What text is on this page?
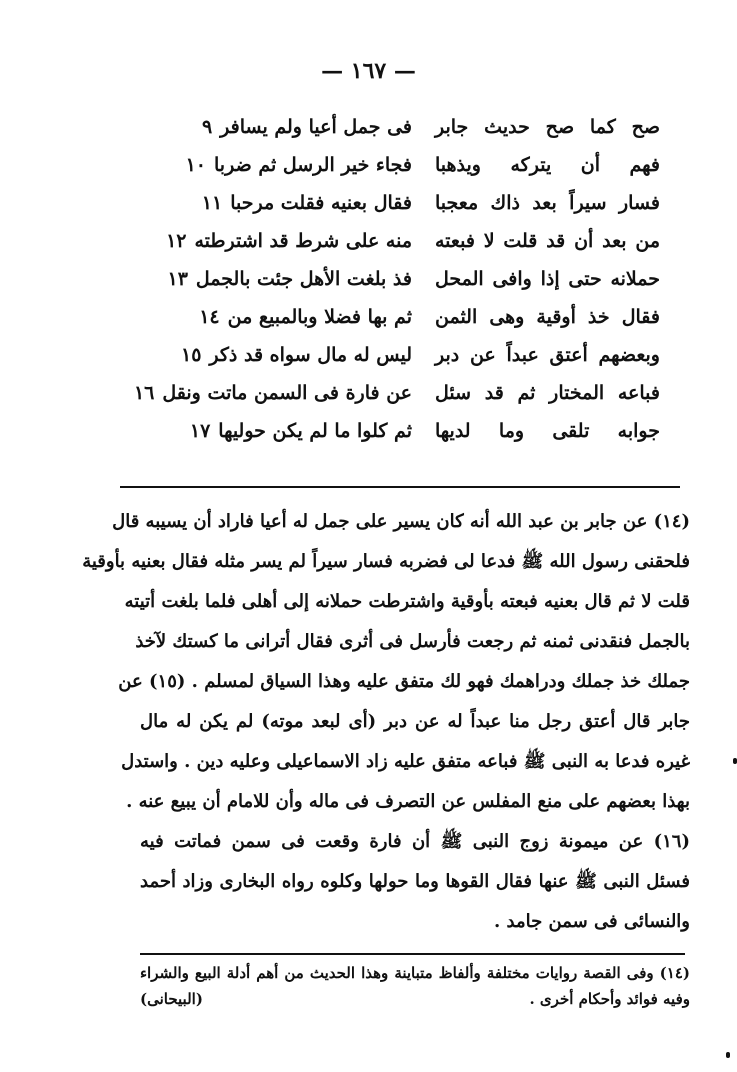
— ١٦٧ —
صح كما صح حديث جابر
فى جمل أعيا ولم يسافر٩
فهم أن يتركه ويذهبا
فجاء خير الرسل ثم ضربا١٠
فسار سيراً بعد ذاك معجبا
فقال بعنيه فقلت مرحبا١١
من بعد أن قد قلت لا فبعته
منه على شرط قد اشترطته١٢
حملانه حتى إذا وافى المحل
فذ بلغت الأهل جئت بالجمل١٣
فقال خذ أوقية وهى الثمن
ثم بها فضلا وبالمبيع من١٤
وبعضهم أعتق عبداً عن دبر
ليس له مال سواه قد ذكر١٥
فباعه المختار ثم قد سئل
عن فارة فى السمن ماتت ونقل١٦
جوابه تلقى وما لديها
ثم كلوا ما لم يكن حوليها١٧
(١٤) عن جابر بن عبد الله أنه كان يسير على جمل له أعيا فاراد أن يسيبه قال
فلحقنى رسول الله ﷺ فدعا لى فضربه فسار سيراً لم يسر مثله فقال بعنيه بأوقية
قلت لا ثم قال بعنيه فبعته بأوقية واشترطت حملانه إلى أهلى فلما بلغت أتيته
بالجمل فنقدنى ثمنه ثم رجعت فأرسل فى أثرى فقال أترانى ما كستك لآخذ
جملك خذ جملك ودراهمك فهو لك متفق عليه وهذا السياق لمسلم . (١٥) عن
جابر قال أعتق رجل منا عبداً له عن دبر (أى لبعد موته) لم يكن له مال
غيره فدعا به النبى ﷺ فباعه متفق عليه زاد الاسماعيلى وعليه دين . واستدل
بهذا بعضهم على منع المفلس عن التصرف فى ماله وأن للامام أن يبيع عنه .
(١٦) عن ميمونة زوج النبى ﷺ أن فارة وقعت فى سمن فماتت فيه
فسئل النبى ﷺ عنها فقال القوها وما حولها وكلوه رواه البخارى وزاد أحمد
والنسائى فى سمن جامد .
(١٤) وفى القصة روايات مختلفة وألفاظ متباينة وهذا الحديث من أهم أدلة البيع والشراء
وفيه فوائد وأحكام أخرى .
(البيحانى)
